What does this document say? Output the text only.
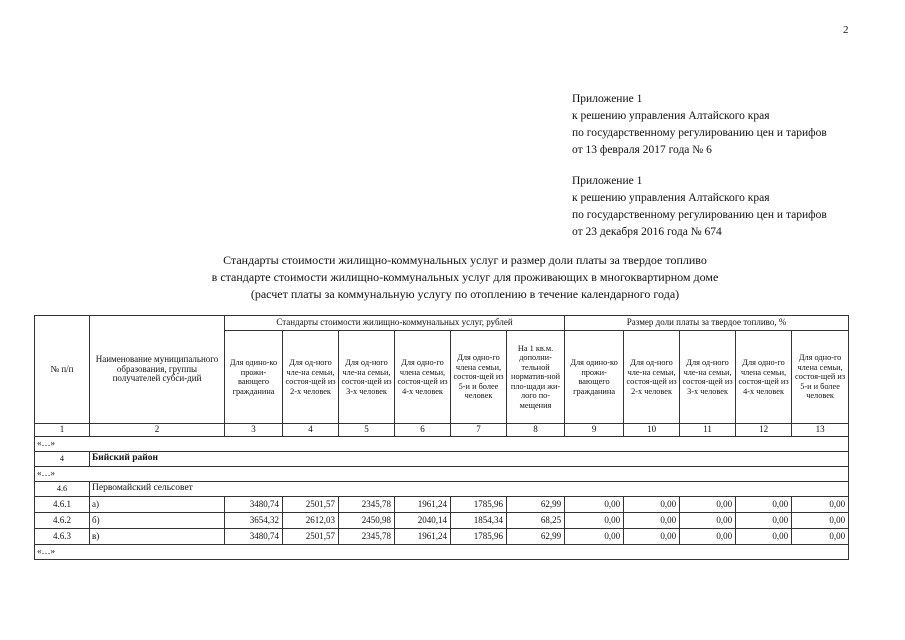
2
Приложение 1
к решению управления Алтайского края
по государственному регулированию цен и тарифов
от 13 февраля 2017 года № 6
Приложение 1
к решению управления Алтайского края
по государственному регулированию цен и тарифов
от 23 декабря 2016 года № 674
Стандарты стоимости жилищно-коммунальных услуг и размер доли платы за твердое топливо
в стандарте стоимости жилищно-коммунальных услуг для проживающих в многоквартирном доме
(расчет платы за коммунальную услугу по отоплению в течение календарного года)
№ п/п	Наименование муниципального образования, группы получателей субси-дий	Стандарты стоимости жилищно-коммунальных услуг, рублей						Размер доли платы за твердое топливо, %				
		Для одино-ко прожи-вающего гражданина	Для од-ного чле-на семьи, состоя-щей из 2-х человек	Для од-ного чле-на семьи, состоя-щей из 3-х человек	Для одно-го члена семьи, состоя-щей из 4-х человек	Для одно-го члена семьи, состоя-щей из 5-и и более человек	На 1 кв.м. дополни-тельной норматив-ной пло-щади жи-лого по-мещения	Для одино-ко прожи-вающего гражданина	Для од-ного чле-на семьи, состоя-щей из 2-х человек	Для од-ного чле-на семьи, состоя-щей из 3-х человек	Для одно-го члена семьи, состоя-щей из 4-х человек	Для одно-го члена семьи, состоя-щей из 5-и и более человек
1	2	3	4	5	6	7	8	9	10	11	12	13
«…»												
4	Бийский район											
«…»												
4.6	Первомайский сельсовет											
4.6.1	а)	3480,74	2501,57	2345,78	1961,24	1785,96	62,99	0,00	0,00	0,00	0,00	0,00
4.6.2	б)	3654,32	2612,03	2450,98	2040,14	1854,34	68,25	0,00	0,00	0,00	0,00	0,00
4.6.3	в)	3480,74	2501,57	2345,78	1961,24	1785,96	62,99	0,00	0,00	0,00	0,00	0,00
«…»												
